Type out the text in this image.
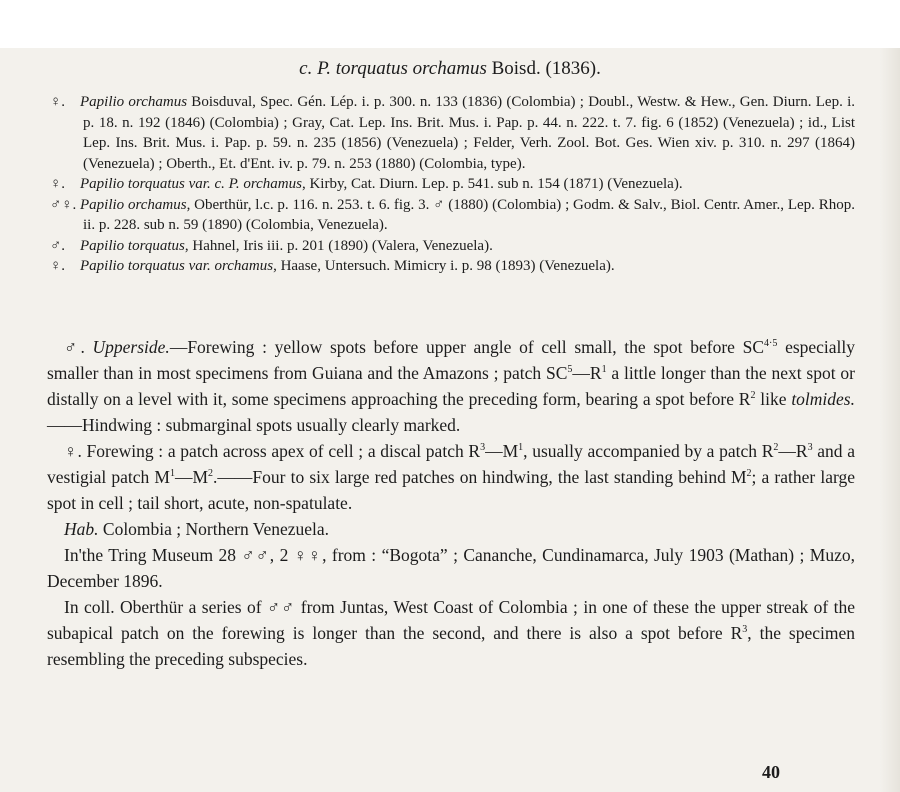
c. P. torquatus orchamus Boisd. (1836).
♀. Papilio orchamus Boisduval, Spec. Gén. Lép. i. p. 300. n. 133 (1836) (Colombia) ; Doubl., Westw. & Hew., Gen. Diurn. Lep. i. p. 18. n. 192 (1846) (Colombia) ; Gray, Cat. Lep. Ins. Brit. Mus. i. Pap. p. 44. n. 222. t. 7. fig. 6 (1852) (Venezuela) ; id., List Lep. Ins. Brit. Mus. i. Pap. p. 59. n. 235 (1856) (Venezuela) ; Felder, Verh. Zool. Bot. Ges. Wien xiv. p. 310. n. 297 (1864) (Venezuela) ; Oberth., Et. d'Ent. iv. p. 79. n. 253 (1880) (Colombia, type).
♀. Papilio torquatus var. c. P. orchamus, Kirby, Cat. Diurn. Lep. p. 541. sub n. 154 (1871) (Venezuela).
♂♀. Papilio orchamus, Oberthür, l.c. p. 116. n. 253. t. 6. fig. 3. ♂ (1880) (Colombia) ; Godm. & Salv., Biol. Centr. Amer., Lep. Rhop. ii. p. 228. sub n. 59 (1890) (Colombia, Venezuela).
♂. Papilio torquatus, Hahnel, Iris iii. p. 201 (1890) (Valera, Venezuela).
♀. Papilio torquatus var. orchamus, Haase, Untersuch. Mimicry i. p. 98 (1893) (Venezuela).

♂. Upperside.—Forewing : yellow spots before upper angle of cell small, the spot before $SC^{4\cdot 5}$ especially smaller than in most specimens from Guiana and the Amazons ; patch $SC^5—R^1$ a little longer than the next spot or distally on a level with it, some specimens approaching the preceding form, bearing a spot before $R^2$ like tolmides.——Hindwing : submarginal spots usually clearly marked.

♀. Forewing : a patch across apex of cell ; a discal patch $R^3—M^1$, usually accompanied by a patch $R^2—R^3$ and a vestigial patch $M^1—M^2.——Four$ to six large red patches on hindwing, the last standing behind $M^2$; a rather large spot in cell ; tail short, acute, non-spatulate.

Hab. Colombia ; Northern Venezuela.

In'the Tring Museum 28 ♂♂, 2 ♀♀, from : “Bogota” ; Cananche, Cundinamarca, July 1903 (Mathan) ; Muzo, December 1896.

In coll. Oberthür a series of ♂♂ from Juntas, West Coast of Colombia ; in one of these the upper streak of the subapical patch on the forewing is longer than the second, and there is also a spot before $R^3$, the specimen resembling the preceding subspecies.

40
